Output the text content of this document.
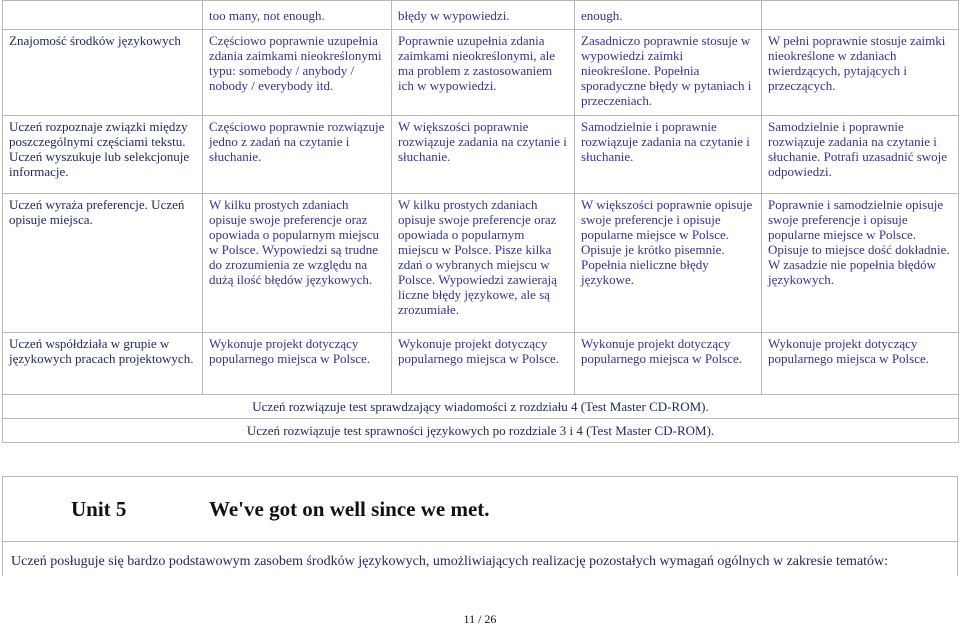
	too many, not enough.	błędy w wypowiedzi.	enough.	
Znajomość środków językowych	Częściowo poprawnie uzupełnia zdania zaimkami nieokreślonymi typu: somebody / anybody / nobody / everybody itd.	Poprawnie uzupełnia zdania zaimkami nieokreślonymi, ale ma problem z zastosowaniem ich w wypowiedzi.	Zasadniczo poprawnie stosuje w wypowiedzi zaimki nieokreślone. Popełnia sporadyczne błędy w pytaniach i przeczeniach.	W pełni poprawnie stosuje zaimki nieokreślone w zdaniach twierdzących, pytających i przeczących.
Uczeń rozpoznaje związki między poszczególnymi częściami tekstu. Uczeń wyszukuje lub selekcjonuje informacje.	Częściowo poprawnie rozwiązuje jedno z zadań na czytanie i słuchanie.	W większości poprawnie rozwiązuje zadania na czytanie i słuchanie.	Samodzielnie i poprawnie rozwiązuje zadania na czytanie i słuchanie.	Samodzielnie i poprawnie rozwiązuje zadania na czytanie i słuchanie. Potrafi uzasadnić swoje odpowiedzi.
Uczeń wyraża preferencje. Uczeń opisuje miejsca.	W kilku prostych zdaniach opisuje swoje preferencje oraz opowiada o popularnym miejscu w Polsce. Wypowiedzi są trudne do zrozumienia ze względu na dużą ilość błędów językowych.	W kilku prostych zdaniach opisuje swoje preferencje oraz opowiada o popularnym miejscu w Polsce. Pisze kilka zdań o wybranych miejscu w Polsce. Wypowiedzi zawierają liczne błędy językowe, ale są zrozumiałe.	W większości poprawnie opisuje swoje preferencje i opisuje popularne miejsce w Polsce. Opisuje je krótko pisemnie. Popełnia nieliczne błędy językowe.	Poprawnie i samodzielnie opisuje swoje preferencje i opisuje popularne miejsce w Polsce. Opisuje to miejsce dość dokładnie. W zasadzie nie popełnia błędów językowych.
Uczeń współdziała w grupie w językowych pracach projektowych.	Wykonuje projekt dotyczący popularnego miejsca w Polsce.	Wykonuje projekt dotyczący popularnego miejsca w Polsce.	Wykonuje projekt dotyczący popularnego miejsca w Polsce.	Wykonuje projekt dotyczący popularnego miejsca w Polsce.
Uczeń rozwiązuje test sprawdzający wiadomości z rozdziału 4 (Test Master CD-ROM).				
Uczeń rozwiązuje test sprawności językowych po rozdziale 3 i 4 (Test Master CD-ROM).				
Unit 5	We've got on well since we met.
Uczeń posługuje się bardzo podstawowym zasobem środków językowych, umożliwiających realizację pozostałych wymagań ogólnych w zakresie tematów:
11 / 26
